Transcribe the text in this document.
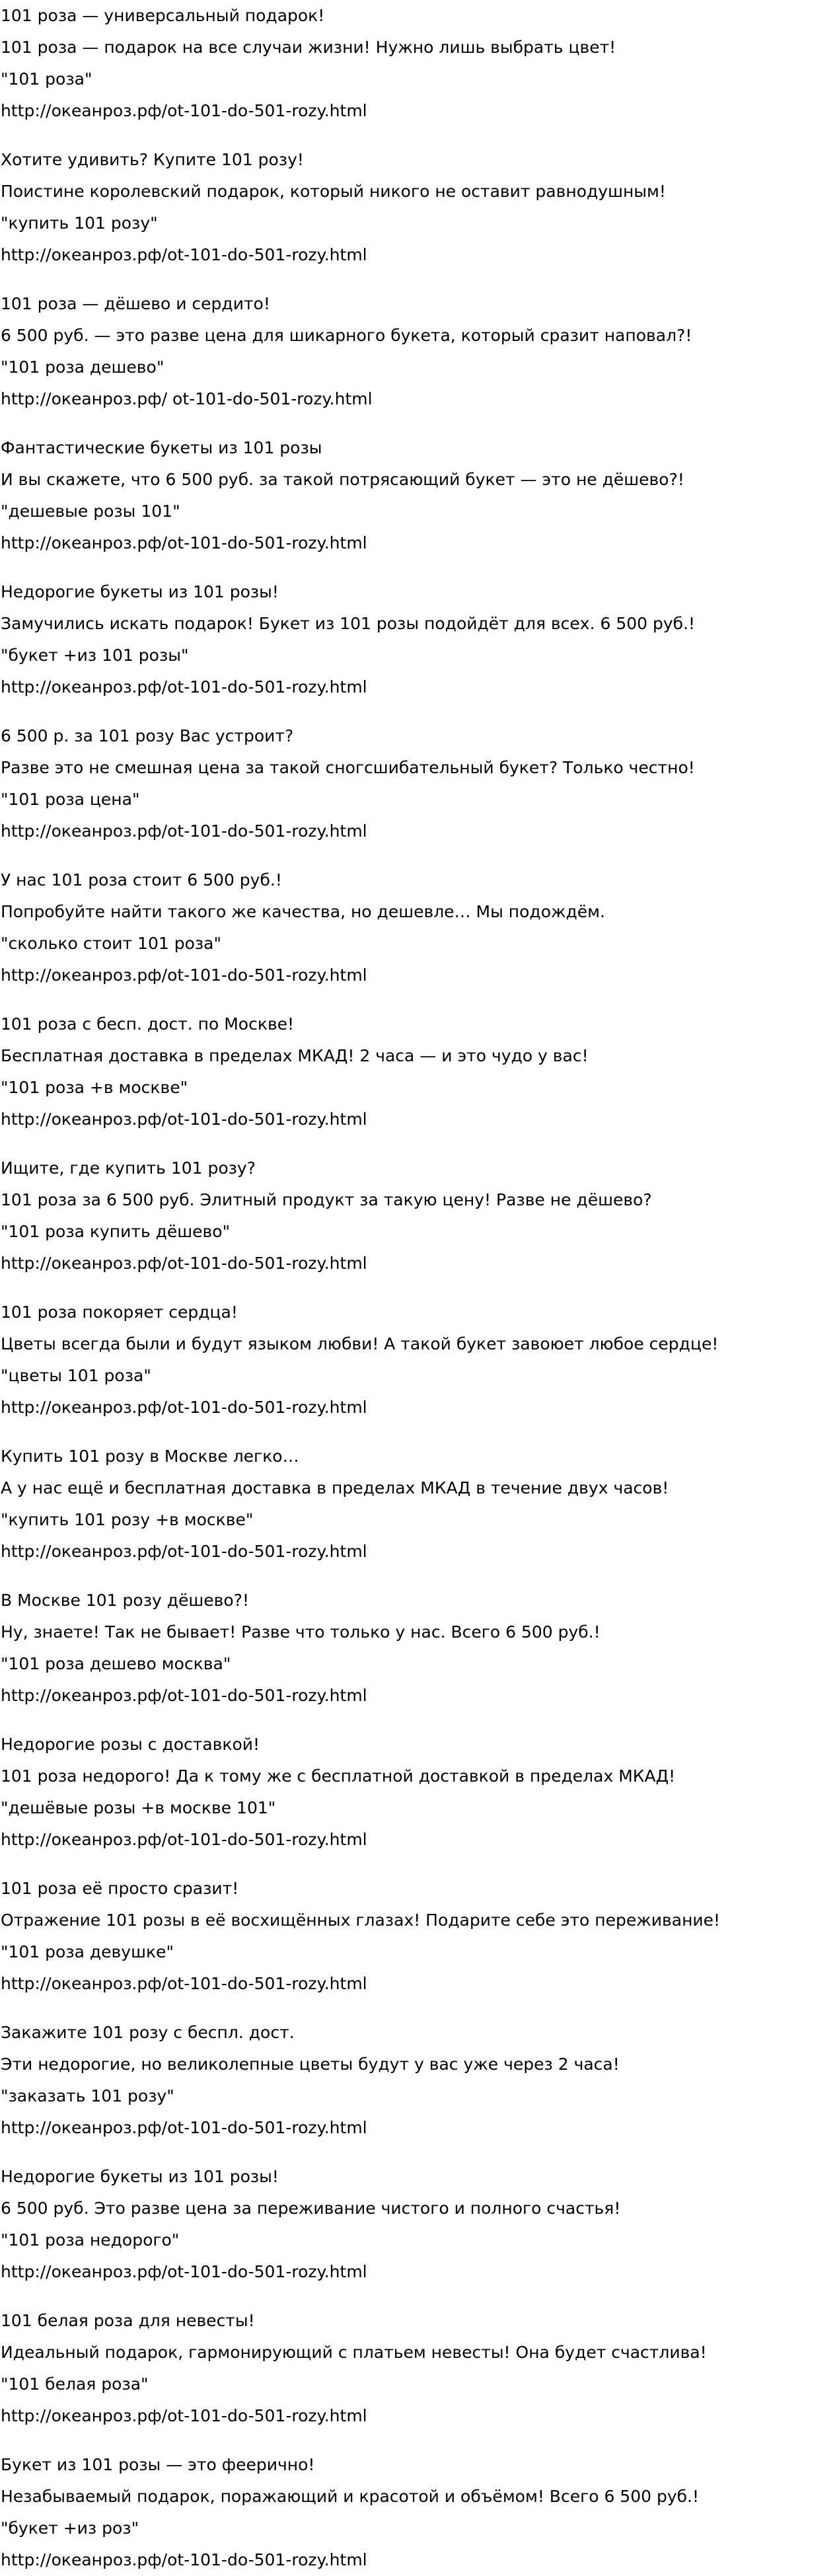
101 роза — универсальный подарок!

101 роза — подарок на все случаи жизни! Нужно лишь выбрать цвет!

"101 роза"

http://океанроз.рф/ot-101-do-501-rozy.html

Хотите удивить? Купите 101 розу!

Поистине королевский подарок, который никого не оставит равнодушным!

"купить 101 розу"

http://океанроз.рф/ot-101-do-501-rozy.html

101 роза — дёшево и сердито!

6 500 руб. — это разве цена для шикарного букета, который сразит наповал?!

"101 роза дешево"

http://океанроз.рф/ ot-101-do-501-rozy.html

Фантастические букеты из 101 розы

И вы скажете, что 6 500 руб. за такой потрясающий букет — это не дёшево?!

"дешевые розы 101"

http://океанроз.рф/ot-101-do-501-rozy.html

Недорогие букеты из 101 розы!

Замучились искать подарок! Букет из 101 розы подойдёт для всех. 6 500 руб.!

"букет +из 101 розы"

http://океанроз.рф/ot-101-do-501-rozy.html

6 500 р. за 101 розу Вас устроит?

Разве это не смешная цена за такой сногсшибательный букет? Только честно!

"101 роза цена"

http://океанроз.рф/ot-101-do-501-rozy.html

У нас 101 роза стоит 6 500 руб.!

Попробуйте найти такого же качества, но дешевле… Мы подождём.

"сколько стоит 101 роза"

http://океанроз.рф/ot-101-do-501-rozy.html

101 роза с бесп. дост. по Москве!

Бесплатная доставка в пределах МКАД! 2 часа — и это чудо у вас!

"101 роза +в москве"

http://океанроз.рф/ot-101-do-501-rozy.html

Ищите, где купить 101 розу?

101 роза за 6 500 руб. Элитный продукт за такую цену! Разве не дёшево?

"101 роза купить дёшево"

http://океанроз.рф/ot-101-do-501-rozy.html

101 роза покоряет сердца!

Цветы всегда были и будут языком любви! А такой букет завоюет любое сердце!

"цветы 101 роза"

http://океанроз.рф/ot-101-do-501-rozy.html

Купить 101 розу в Москве легко…

А у нас ещё и бесплатная доставка в пределах МКАД в течение двух часов!

"купить 101 розу +в москве"

http://океанроз.рф/ot-101-do-501-rozy.html

В Москве 101 розу дёшево?!

Ну, знаете! Так не бывает! Разве что только у нас. Всего 6 500 руб.!

"101 роза дешево москва"

http://океанроз.рф/ot-101-do-501-rozy.html

Недорогие розы с доставкой!

101 роза недорого! Да к тому же с бесплатной доставкой в пределах МКАД!

"дешёвые розы +в москве 101"

http://океанроз.рф/ot-101-do-501-rozy.html

101 роза её просто сразит!

Отражение 101 розы в её восхищённых глазах! Подарите себе это переживание!

"101 роза девушке"

http://океанроз.рф/ot-101-do-501-rozy.html

Закажите 101 розу с беспл. дост.

Эти недорогие, но великолепные цветы будут у вас уже через 2 часа!

"заказать 101 розу"

http://океанроз.рф/ot-101-do-501-rozy.html

Недорогие букеты из 101 розы!

6 500 руб. Это разве цена за переживание чистого и полного счастья!

"101 роза недорого"

http://океанроз.рф/ot-101-do-501-rozy.html

101 белая роза для невесты!

Идеальный подарок, гармонирующий с платьем невесты! Она будет счастлива!

"101 белая роза"

http://океанроз.рф/ot-101-do-501-rozy.html

Букет из 101 розы — это феерично!

Незабываемый подарок, поражающий и красотой и объёмом! Всего 6 500 руб.!

"букет +из роз"

http://океанроз.рф/ot-101-do-501-rozy.html
